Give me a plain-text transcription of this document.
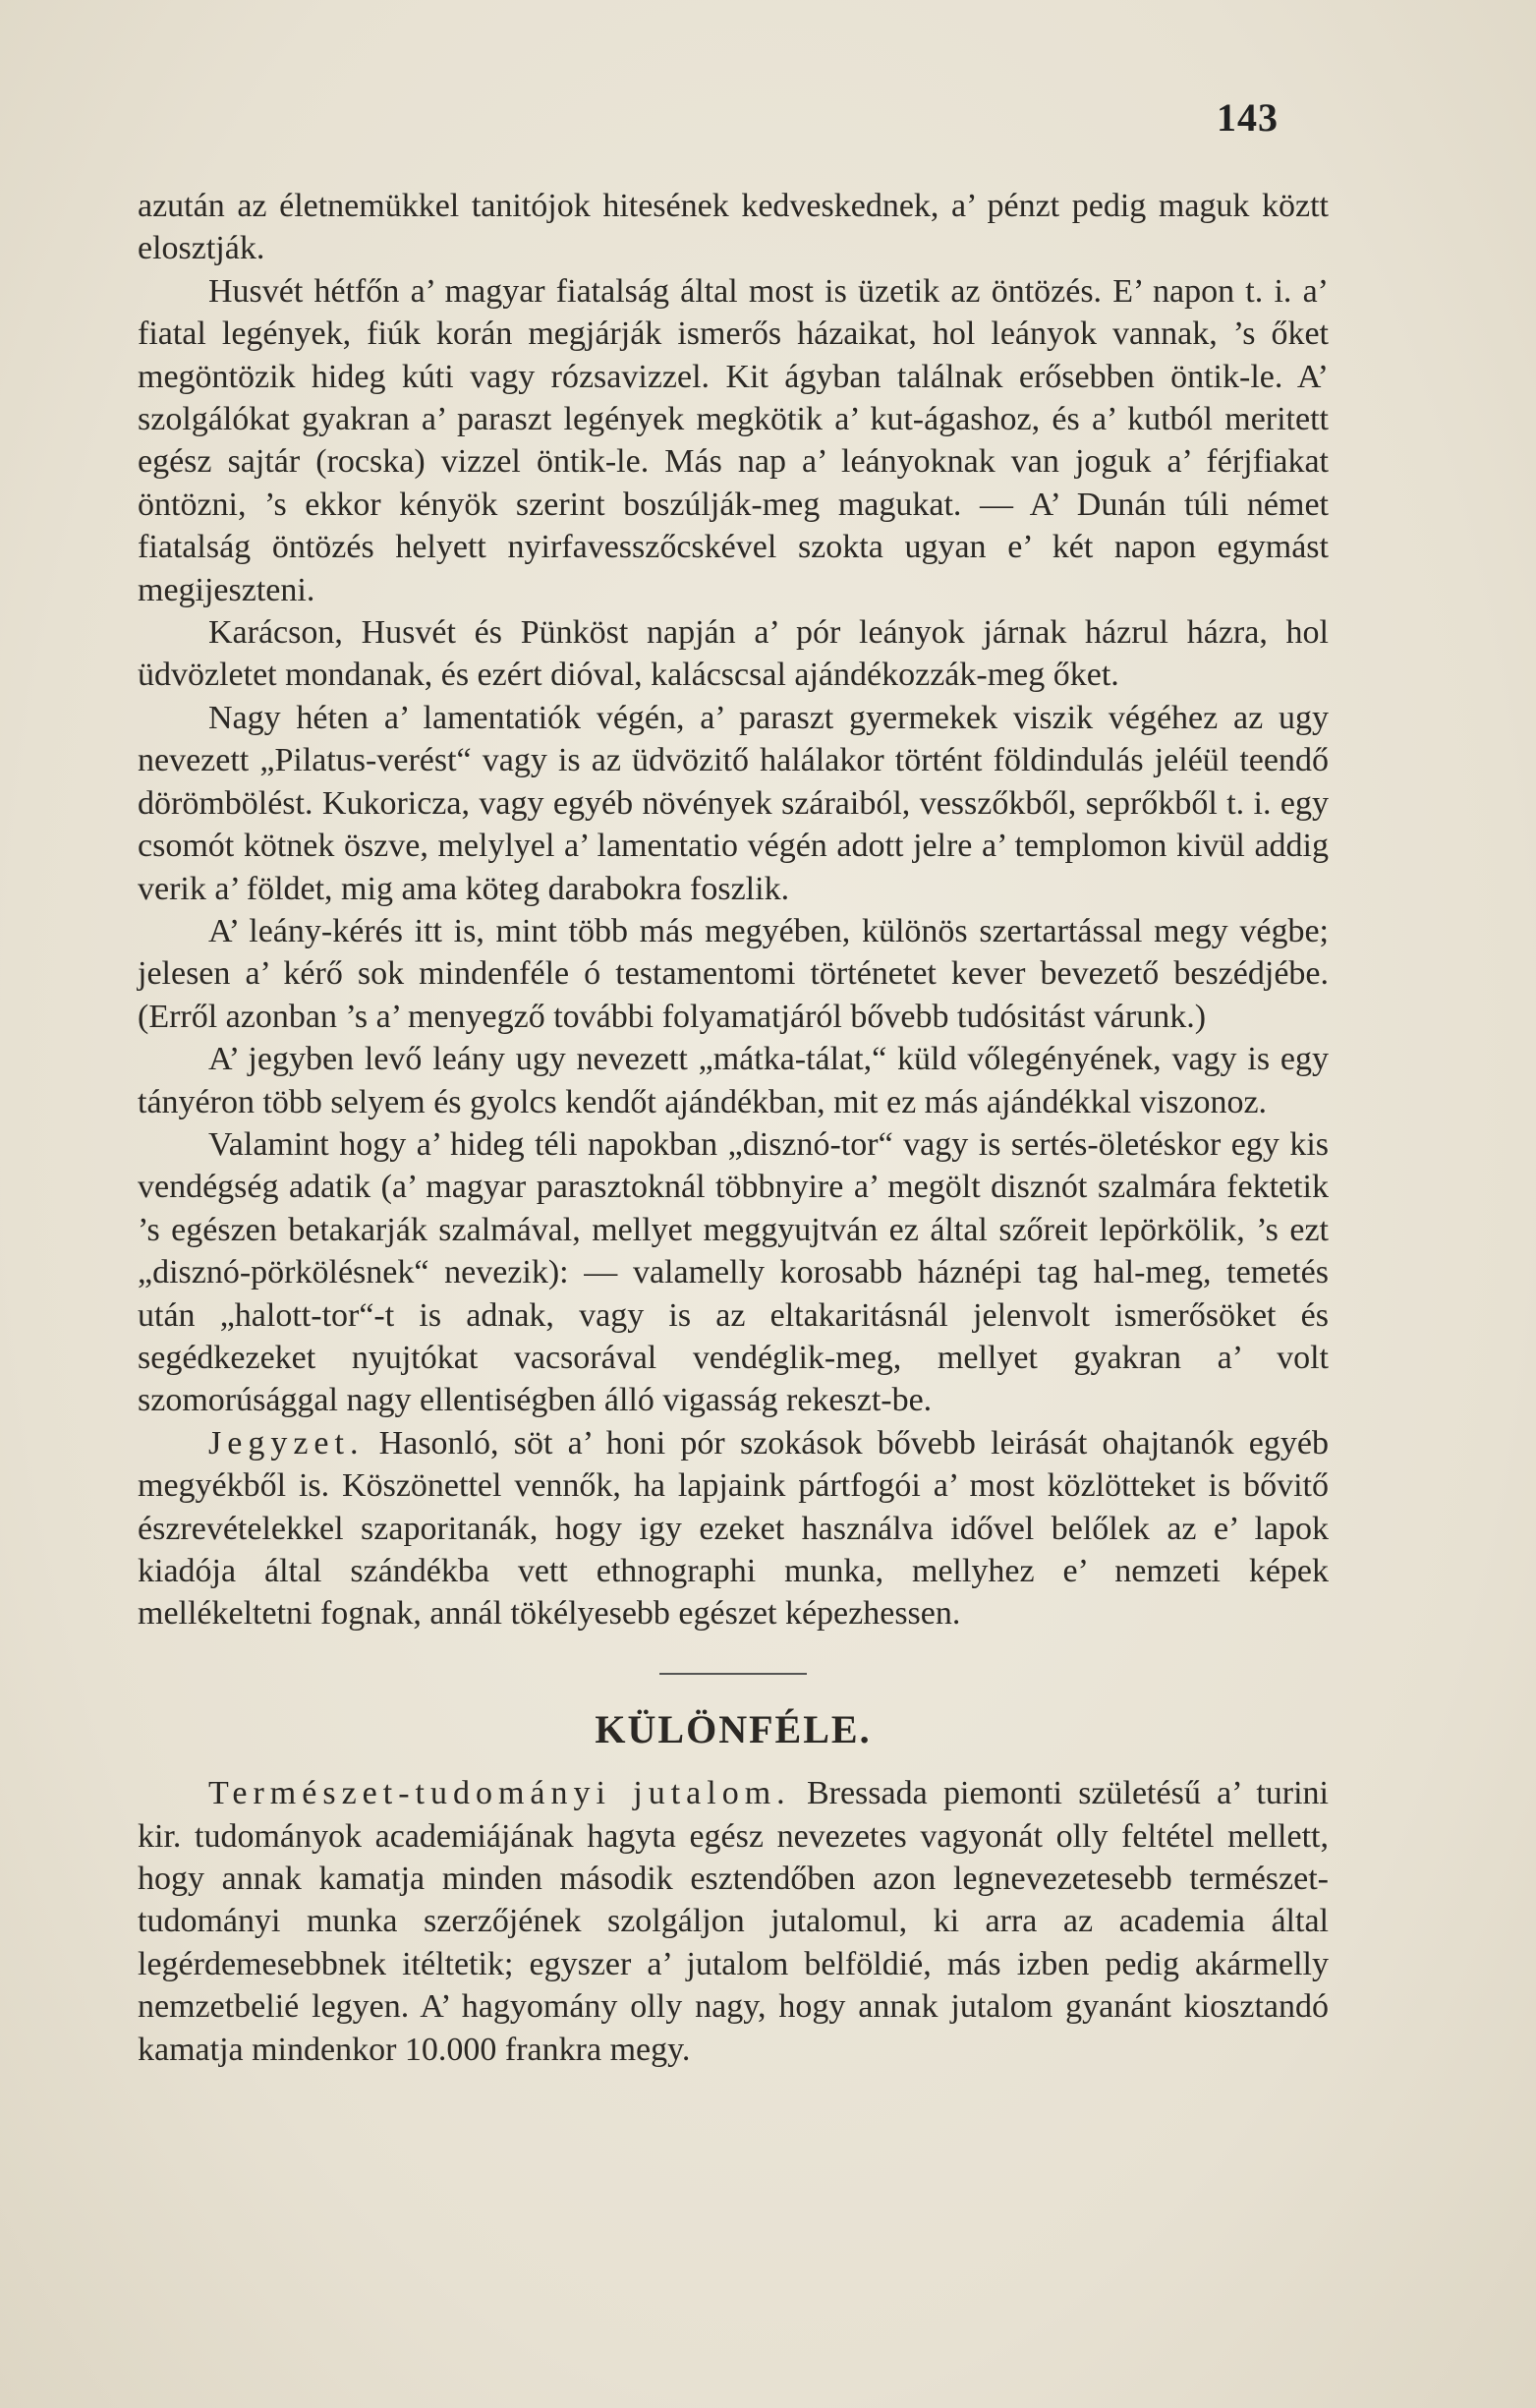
143

azután az életnemükkel tanitójok hitesének kedveskednek, a’ pénzt pedig maguk köztt elosztják.

Husvét hétfőn a’ magyar fiatalság által most is üzetik az öntözés. E’ napon t. i. a’ fiatal legények, fiúk korán megjárják ismerős házaikat, hol leányok vannak, ’s őket megöntözik hideg kúti vagy rózsavizzel. Kit ágyban találnak erősebben öntik-le. A’ szolgálókat gyakran a’ paraszt legények megkötik a’ kut-ágashoz, és a’ kutból meritett egész sajtár (rocska) vizzel öntik-le. Más nap a’ leányoknak van joguk a’ férjfiakat öntözni, ’s ekkor kényök szerint boszúlják-meg magukat. — A’ Dunán túli német fiatalság öntözés helyett nyirfavesszőcskével szokta ugyan e’ két napon egymást megijeszteni.

Karácson, Husvét és Pünköst napján a’ pór leányok járnak házrul házra, hol üdvözletet mondanak, és ezért dióval, kalácscsal ajándékozzák-meg őket.

Nagy héten a’ lamentatiók végén, a’ paraszt gyermekek viszik végéhez az ugy nevezett „Pilatus-verést“ vagy is az üdvözitő halálakor történt földindulás jeléül teendő dörömbölést. Kukoricza, vagy egyéb növények száraiból, vesszőkből, seprőkből t. i. egy csomót kötnek öszve, melylyel a’ lamentatio végén adott jelre a’ templomon kivül addig verik a’ földet, mig ama köteg darabokra foszlik.

A’ leány-kérés itt is, mint több más megyében, különös szertartással megy végbe; jelesen a’ kérő sok mindenféle ó testamentomi történetet kever bevezető beszédjébe. (Erről azonban ’s a’ menyegző további folyamatjáról bővebb tudósitást várunk.)

A’ jegyben levő leány ugy nevezett „mátka-tálat,“ küld vőlegényének, vagy is egy tányéron több selyem és gyolcs kendőt ajándékban, mit ez más ajándékkal viszonoz.

Valamint hogy a’ hideg téli napokban „disznó-tor“ vagy is sertés-öletéskor egy kis vendégség adatik (a’ magyar parasztoknál többnyire a’ megölt disznót szalmára fektetik ’s egészen betakarják szalmával, mellyet meggyujtván ez által szőreit lepörkölik, ’s ezt „disznó-pörkölésnek“ nevezik): — valamelly korosabb háznépi tag hal-meg, temetés után „halott-tor“-t is adnak, vagy is az eltakaritásnál jelenvolt ismerősöket és segédkezeket nyujtókat vacsorával vendéglik-meg, mellyet gyakran a’ volt szomorúsággal nagy ellentiségben álló vigasság rekeszt-be.

Jegyzet. Hasonló, söt a’ honi pór szokások bővebb leirását ohajtanók egyéb megyékből is. Köszönettel vennők, ha lapjaink pártfogói a’ most közlötteket is bővitő észrevételekkel szaporitanák, hogy igy ezeket használva idővel belőlek az e’ lapok kiadója által szándékba vett ethnographi munka, mellyhez e’ nemzeti képek mellékeltetni fognak, annál tökélyesebb egészet képezhessen.

KÜLÖNFÉLE.

Természet-tudományi jutalom. Bressada piemonti születésű a’ turini kir. tudományok academiájának hagyta egész nevezetes vagyonát olly feltétel mellett, hogy annak kamatja minden második esztendőben azon legnevezetesebb természet-tudományi munka szerzőjének szolgáljon jutalomul, ki arra az academia által legérdemesebbnek itéltetik; egyszer a’ jutalom belföldié, más izben pedig akármelly nemzetbelié legyen. A’ hagyomány olly nagy, hogy annak jutalom gyanánt kiosztandó kamatja mindenkor 10.000 frankra megy.
